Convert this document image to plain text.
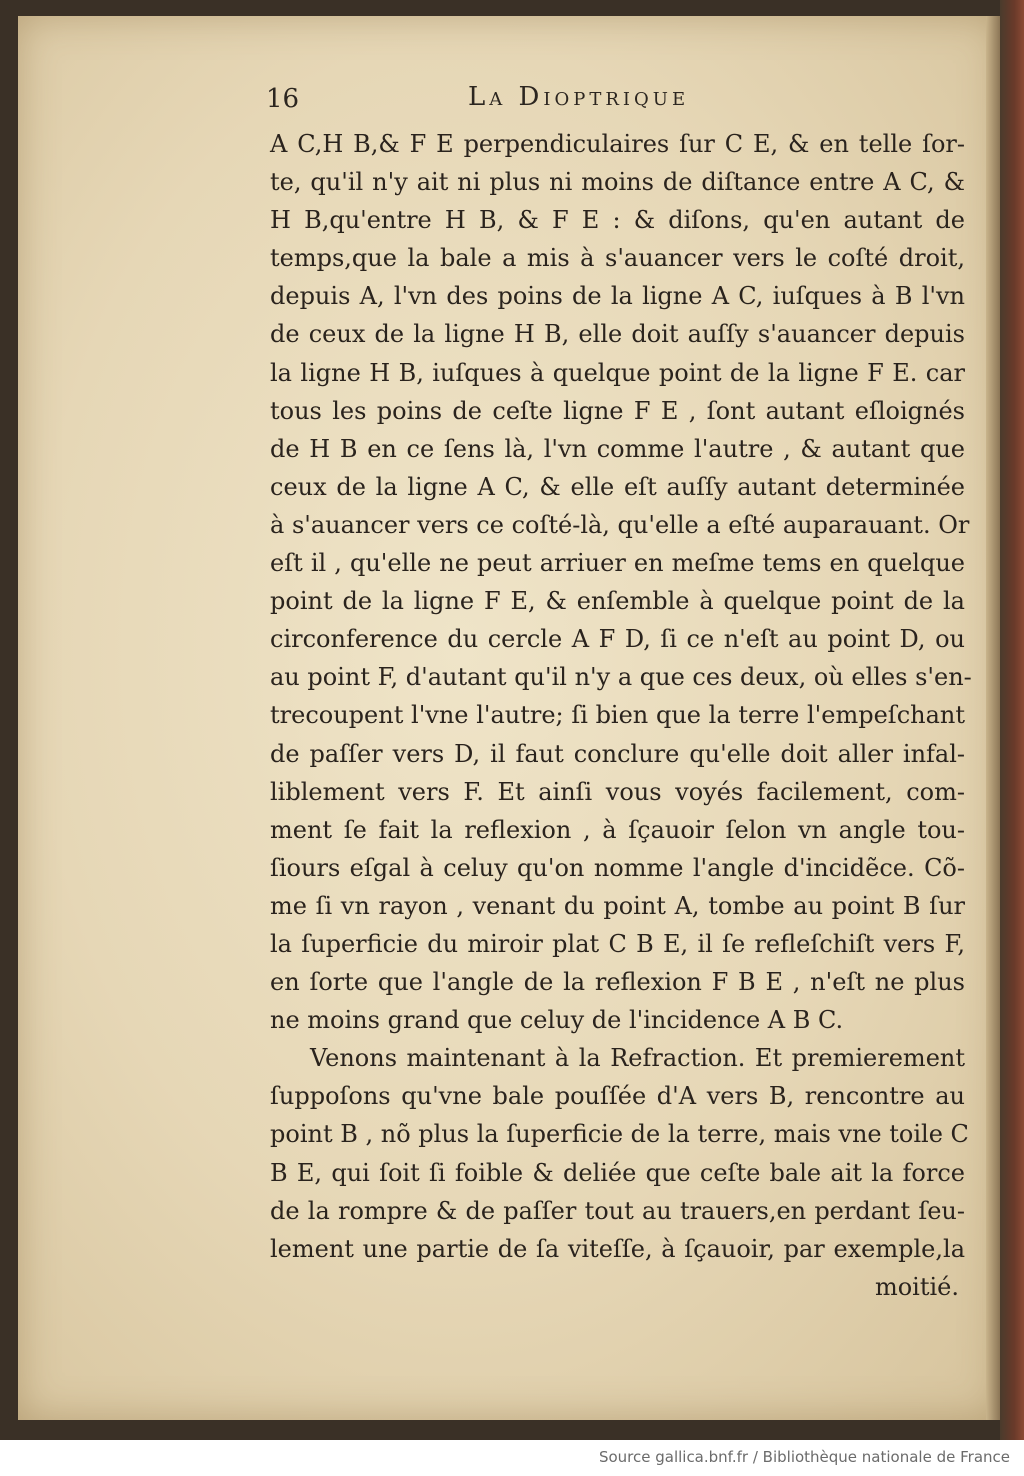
16	La Dioptrique
A C,H B,& F E perpendiculaires ſur C E, & en telle ſor-
te, qu'il n'y ait ni plus ni moins de diſtance entre A C, &
H B,qu'entre H B, & F E : & diſons, qu'en autant de
temps,que la bale a mis à s'auancer vers le coſté droit,
depuis A, l'vn des poins de la ligne A C, iuſques à B l'vn
de ceux de la ligne H B, elle doit auſſy s'auancer depuis
la ligne H B, iuſques à quelque point de la ligne F E. car
tous les poins de ceſte ligne F E , ſont autant eſloignés
de H B en ce ſens là, l'vn comme l'autre , & autant que
ceux de la ligne A C, & elle eſt auſſy autant determinée
à s'auancer vers ce coſté-là, qu'elle a eſté auparauant. Or
eſt il , qu'elle ne peut arriuer en meſme tems en quelque
point de la ligne F E, & enſemble à quelque point de la
circonference du cercle A F D, ſi ce n'eſt au point D, ou
au point F, d'autant qu'il n'y a que ces deux, où elles s'en-
trecoupent l'vne l'autre; ſi bien que la terre l'empeſchant
de paſſer vers D, il faut conclure qu'elle doit aller infal-
liblement vers F. Et ainſi vous voyés facilement, com-
ment ſe fait la reflexion , à ſçauoir ſelon vn angle tou-
ſiours eſgal à celuy qu'on nomme l'angle d'incidẽce. Cõ-
me ſi vn rayon , venant du point A, tombe au point B ſur
la ſuperficie du miroir plat C B E, il ſe refleſchiſt vers F,
en ſorte que l'angle de la reflexion F B E , n'eſt ne plus
ne moins grand que celuy de l'incidence A B C.
Venons maintenant à la Refraction. Et premierement
ſuppoſons qu'vne bale pouſſée d'A vers B, rencontre au
point B , nõ plus la ſuperficie de la terre, mais vne toile C
B E, qui ſoit ſi foible & deliée que ceſte bale ait la force
de la rompre & de paſſer tout au trauers,en perdant ſeu-
lement une partie de ſa viteſſe, à ſçauoir, par exemple,la
moitié.
Source gallica.bnf.fr / Bibliothèque nationale de France
